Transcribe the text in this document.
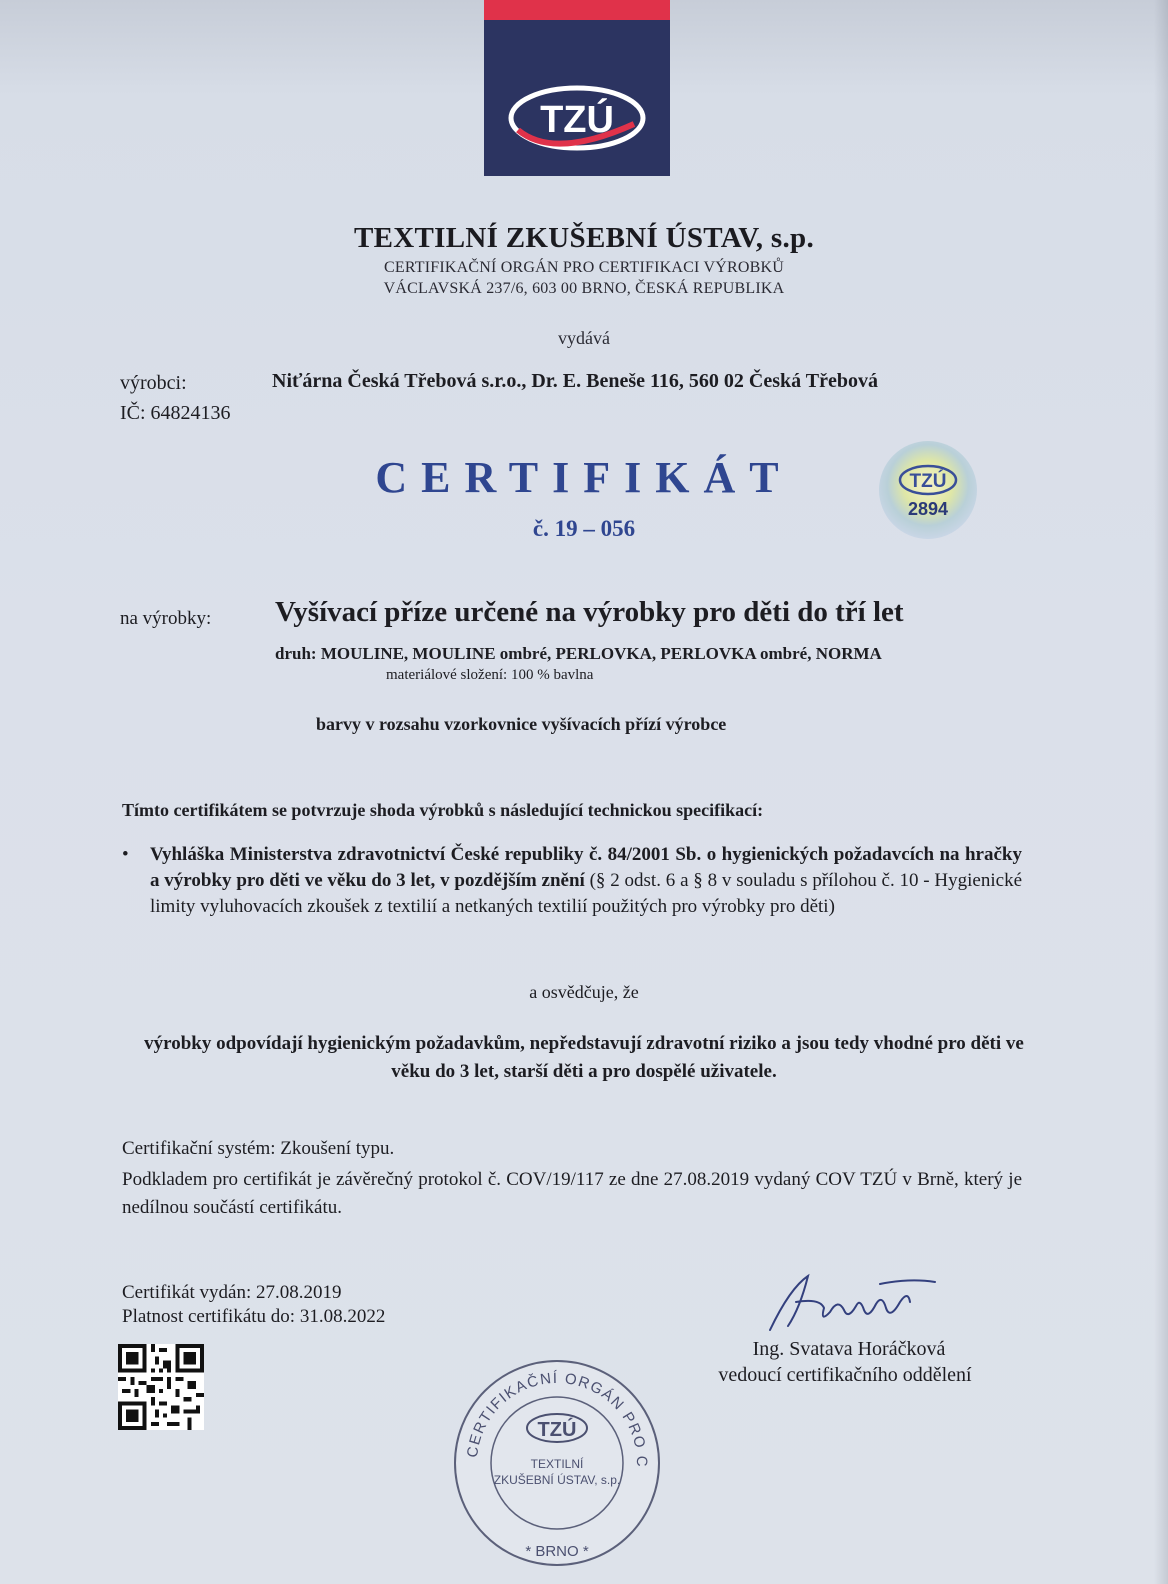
TZÚ
TEXTILNÍ ZKUŠEBNÍ ÚSTAV, s.p.
CERTIFIKAČNÍ ORGÁN PRO CERTIFIKACI VÝROBKŮ
VÁCLAVSKÁ 237/6, 603 00 BRNO, ČESKÁ REPUBLIKA
vydává
výrobci:	Niťárna Česká Třebová s.r.o., Dr. E. Beneše 116, 560 02 Česká Třebová
IČ: 64824136
CERTIFIKÁT
č. 19 – 056
TZÚ
2894
na výrobky: Vyšívací příze určené na výrobky pro děti do tří let
druh: MOULINE, MOULINE ombré, PERLOVKA, PERLOVKA ombré, NORMA
materiálové složení: 100 % bavlna
barvy v rozsahu vzorkovnice vyšívacích přízí výrobce
Tímto certifikátem se potvrzuje shoda výrobků s následující technickou specifikací:
• Vyhláška Ministerstva zdravotnictví České republiky č. 84/2001 Sb. o hygienických požadavcích na hračky a výrobky pro děti ve věku do 3 let, v pozdějším znění (§ 2 odst. 6 a § 8 v souladu s přílohou č. 10 - Hygienické limity vyluhovacích zkoušek z textilií a netkaných textilií použitých pro výrobky pro děti)
a osvědčuje, že
výrobky odpovídají hygienickým požadavkům, nepředstavují zdravotní riziko a jsou tedy vhodné pro děti ve věku do 3 let, starší děti a pro dospělé uživatele.
Certifikační systém: Zkoušení typu.
Podkladem pro certifikát je závěrečný protokol č. COV/19/117 ze dne 27.08.2019 vydaný COV TZÚ v Brně, který je nedílnou součástí certifikátu.
Certifikát vydán: 27.08.2019
Platnost certifikátu do: 31.08.2022
Ing. Svatava Horáčková
vedoucí certifikačního oddělení
CERTIFIKAČNÍ ORGÁN PRO C
TZÚ
TEXTILNÍ
ZKUŠEBNÍ ÚSTAV, s.p.
* BRNO *
